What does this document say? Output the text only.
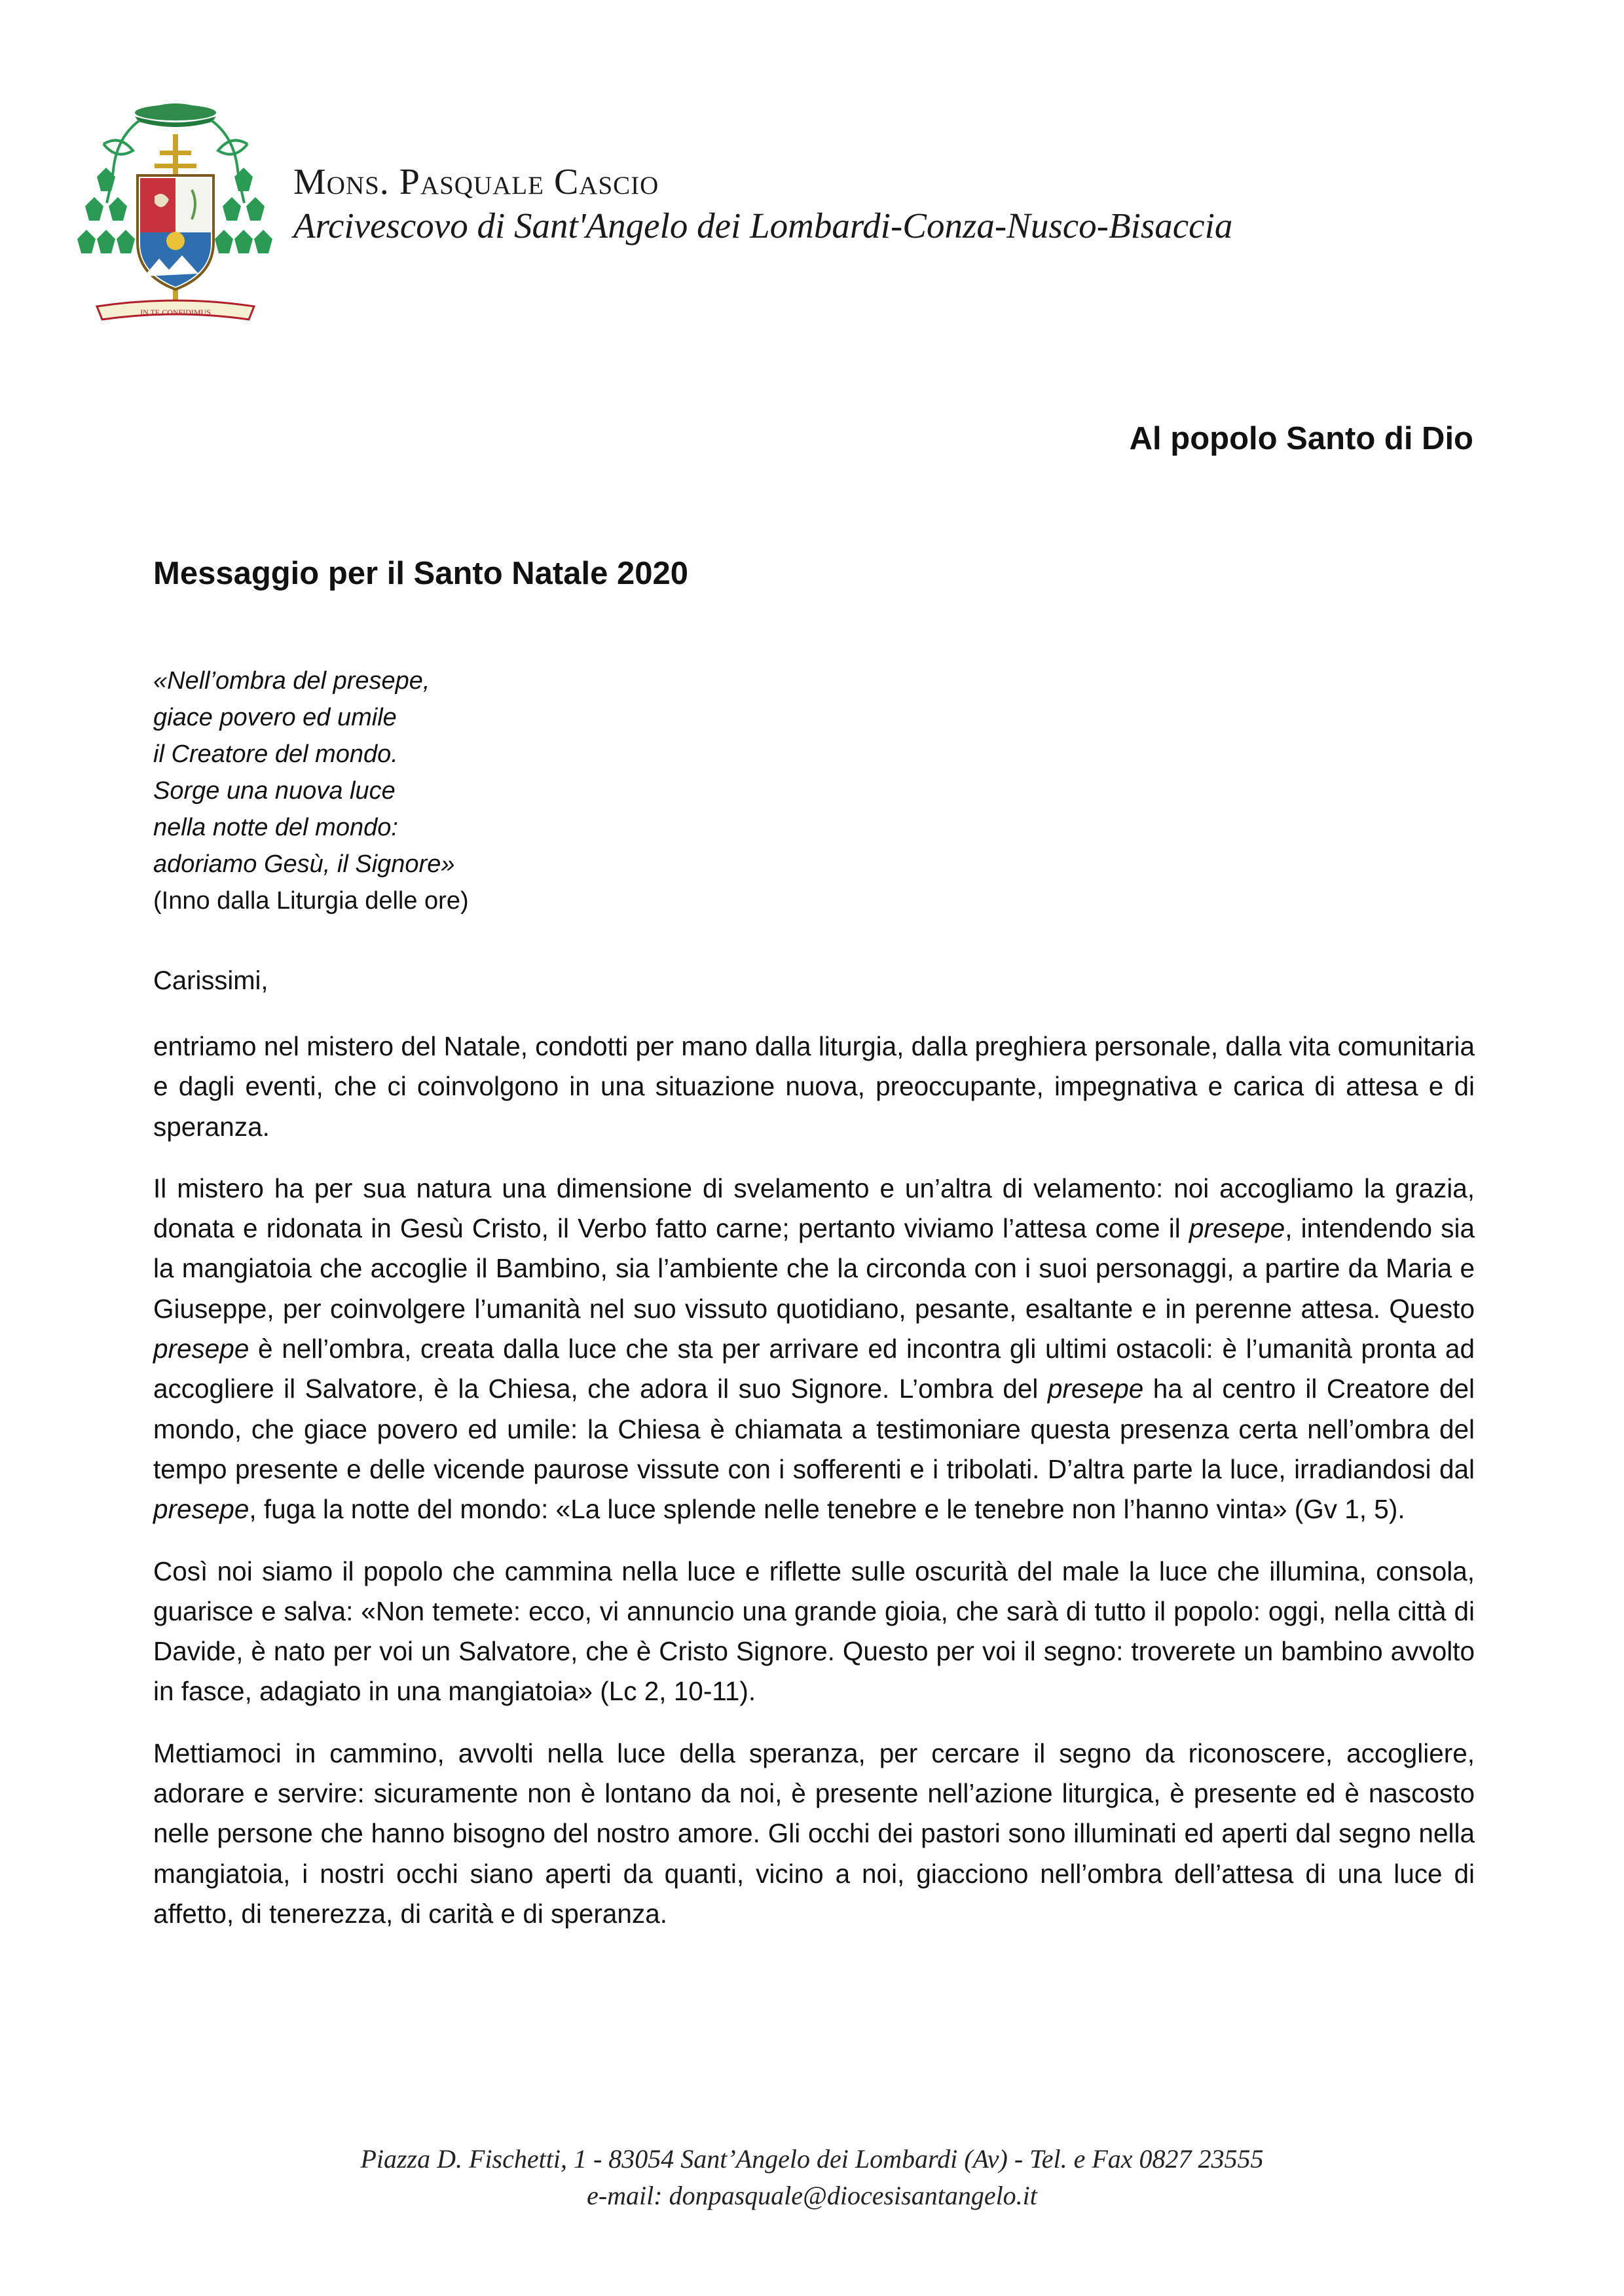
IN TE CONFIDIMUS
Mons. Pasquale Cascio
Arcivescovo di Sant'Angelo dei Lombardi-Conza-Nusco-Bisaccia
Al popolo Santo di Dio
Messaggio per il Santo Natale 2020
«Nell’ombra del presepe,
giace povero ed umile
il Creatore del mondo.
Sorge una nuova luce
nella notte del mondo:
adoriamo Gesù, il Signore»
(Inno dalla Liturgia delle ore)
Carissimi,

entriamo nel mistero del Natale, condotti per mano dalla liturgia, dalla preghiera personale, dalla vita comunitaria e dagli eventi, che ci coinvolgono in una situazione nuova, preoccupante, impegnativa e carica di attesa e di speranza.

Il mistero ha per sua natura una dimensione di svelamento e un’altra di velamento: noi accogliamo la grazia, donata e ridonata in Gesù Cristo, il Verbo fatto carne; pertanto viviamo l’attesa come il presepe, intendendo sia la mangiatoia che accoglie il Bambino, sia l’ambiente che la circonda con i suoi personaggi, a partire da Maria e Giuseppe, per coinvolgere l’umanità nel suo vissuto quotidiano, pesante, esaltante e in perenne attesa. Questo presepe è nell’ombra, creata dalla luce che sta per arrivare ed incontra gli ultimi ostacoli: è l’umanità pronta ad accogliere il Salvatore, è la Chiesa, che adora il suo Signore. L’ombra del presepe ha al centro il Creatore del mondo, che giace povero ed umile: la Chiesa è chiamata a testimoniare questa presenza certa nell’ombra del tempo presente e delle vicende paurose vissute con i sofferenti e i tribolati. D’altra parte la luce, irradiandosi dal presepe, fuga la notte del mondo: «La luce splende nelle tenebre e le tenebre non l’hanno vinta» (Gv 1, 5).

Così noi siamo il popolo che cammina nella luce e riflette sulle oscurità del male la luce che illumina, consola, guarisce e salva: «Non temete: ecco, vi annuncio una grande gioia, che sarà di tutto il popolo: oggi, nella città di Davide, è nato per voi un Salvatore, che è Cristo Signore. Questo per voi il segno: troverete un bambino avvolto in fasce, adagiato in una mangiatoia» (Lc 2, 10-11).

Mettiamoci in cammino, avvolti nella luce della speranza, per cercare il segno da riconoscere, accogliere, adorare e servire: sicuramente non è lontano da noi, è presente nell’azione liturgica, è presente ed è nascosto nelle persone che hanno bisogno del nostro amore. Gli occhi dei pastori sono illuminati ed aperti dal segno nella mangiatoia, i nostri occhi siano aperti da quanti, vicino a noi, giacciono nell’ombra dell’attesa di una luce di affetto, di tenerezza, di carità e di speranza.

Piazza D. Fischetti, 1 - 83054 Sant’Angelo dei Lombardi (Av) - Tel. e Fax 0827 23555
e-mail: donpasquale@diocesisantangelo.it
